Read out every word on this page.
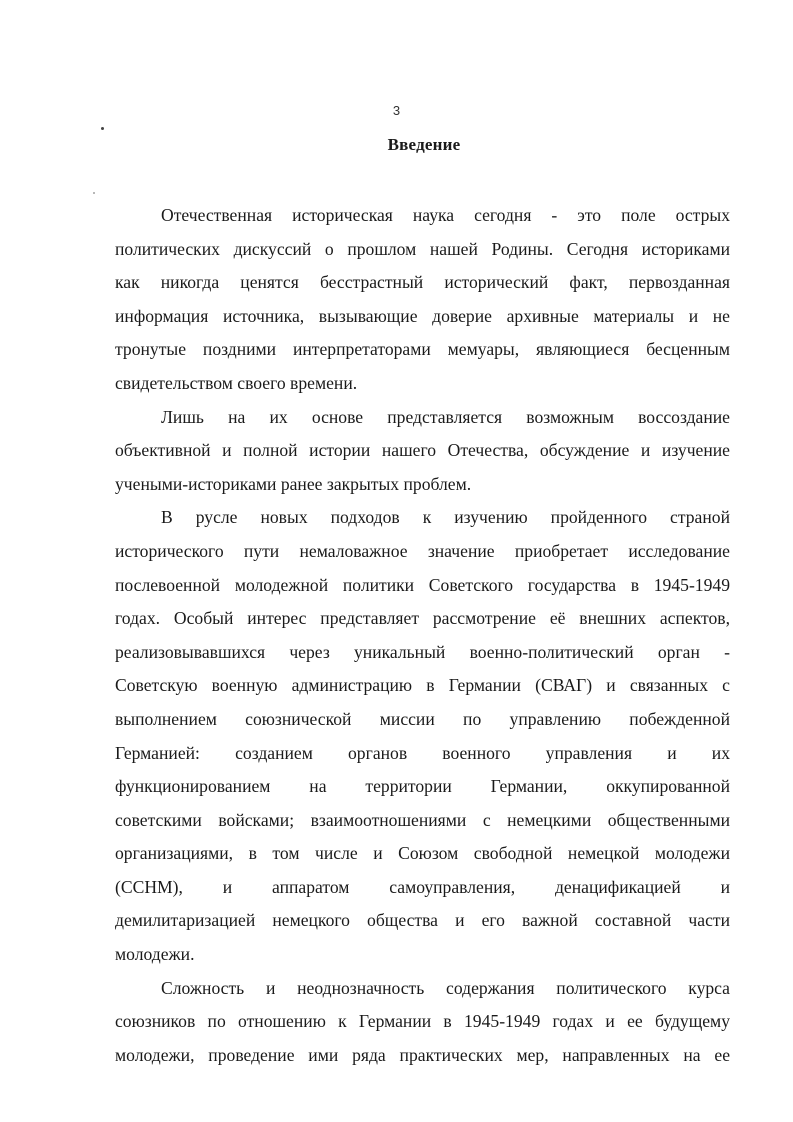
3
Введение
Отечественная историческая наука сегодня - это поле острых
политических дискуссий о прошлом нашей Родины. Сегодня историками
как никогда ценятся бесстрастный исторический факт, первозданная
информация источника, вызывающие доверие архивные материалы и не
тронутые поздними интерпретаторами мемуары, являющиеся бесценным
свидетельством своего времени.
Лишь на их основе представляется возможным воссоздание
объективной и полной истории нашего Отечества, обсуждение и изучение
учеными-историками ранее закрытых проблем.
В русле новых подходов к изучению пройденного страной
исторического пути немаловажное значение приобретает исследование
послевоенной молодежной политики Советского государства в 1945-1949
годах. Особый интерес представляет рассмотрение её внешних аспектов,
реализовывавшихся через уникальный военно-политический орган -
Советскую военную администрацию в Германии (СВАГ) и связанных с
выполнением союзнической миссии по управлению побежденной
Германией: созданием органов военного управления и их
функционированием на территории Германии, оккупированной
советскими войсками; взаимоотношениями с немецкими общественными
организациями, в том числе и Союзом свободной немецкой молодежи
(ССНМ), и аппаратом самоуправления, денацификацией и
демилитаризацией немецкого общества и его важной составной части
молодежи.
Сложность и неоднозначность содержания политического курса
союзников по отношению к Германии в 1945-1949 годах и ее будущему
молодежи, проведение ими ряда практических мер, направленных на ее
